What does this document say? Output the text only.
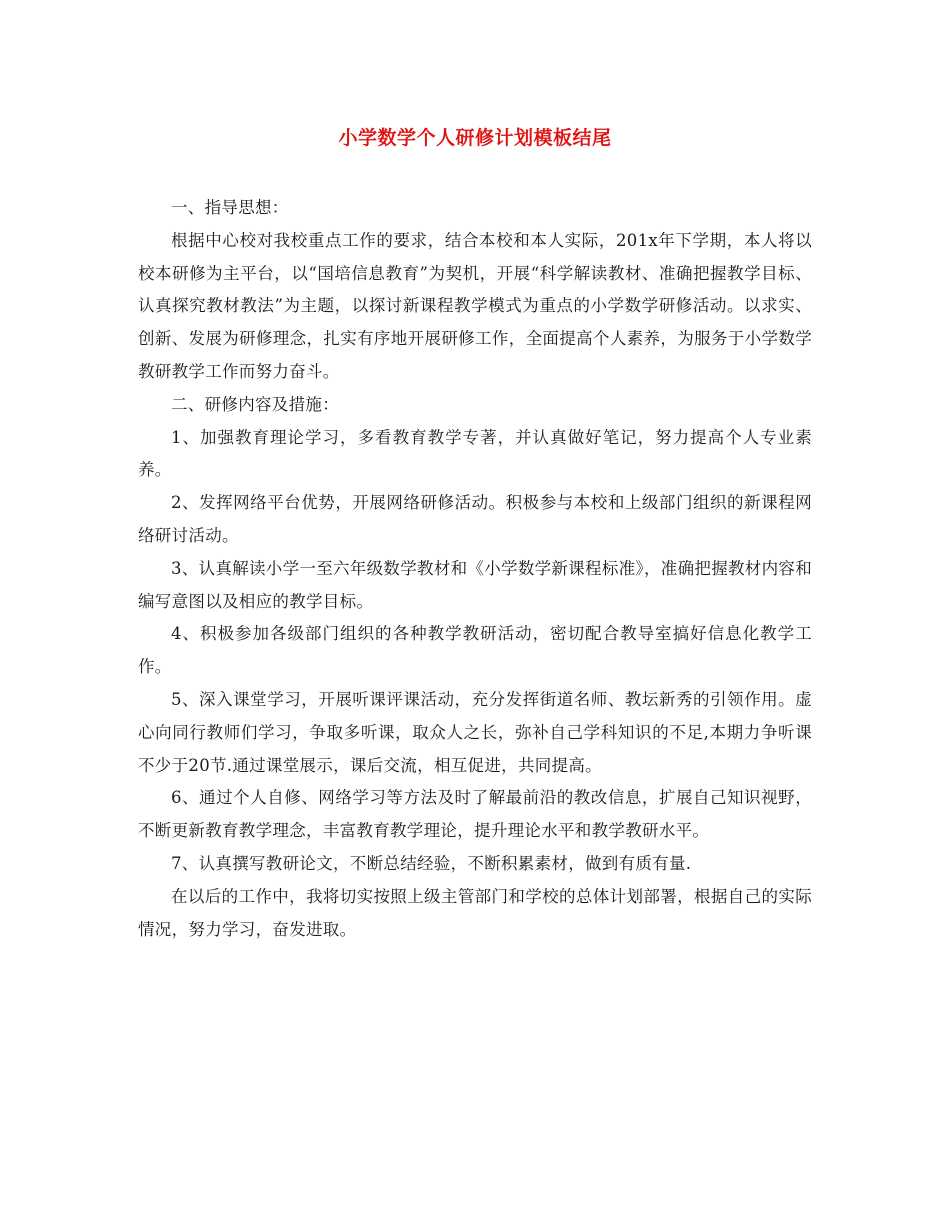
小学数学个人研修计划模板结尾

一、指导思想：

根据中心校对我校重点工作的要求，结合本校和本人实际，201x年下学期，本人将以校本研修为主平台，以“国培信息教育”为契机，开展“科学解读教材、准确把握教学目标、认真探究教材教法”为主题，以探讨新课程教学模式为重点的小学数学研修活动。以求实、创新、发展为研修理念，扎实有序地开展研修工作，全面提高个人素养，为服务于小学数学教研教学工作而努力奋斗。

二、研修内容及措施：

1、加强教育理论学习，多看教育教学专著，并认真做好笔记，努力提高个人专业素养。

2、发挥网络平台优势，开展网络研修活动。积极参与本校和上级部门组织的新课程网络研讨活动。

3、认真解读小学一至六年级数学教材和《小学数学新课程标准》，准确把握教材内容和编写意图以及相应的教学目标。

4、积极参加各级部门组织的各种教学教研活动，密切配合教导室搞好信息化教学工作。

5、深入课堂学习，开展听课评课活动，充分发挥街道名师、教坛新秀的引领作用。虚心向同行教师们学习，争取多听课，取众人之长，弥补自己学科知识的不足,本期力争听课不少于20节.通过课堂展示，课后交流，相互促进，共同提高。

6、通过个人自修、网络学习等方法及时了解最前沿的教改信息，扩展自己知识视野，不断更新教育教学理念，丰富教育教学理论，提升理论水平和教学教研水平。

7、认真撰写教研论文，不断总结经验，不断积累素材，做到有质有量.

在以后的工作中，我将切实按照上级主管部门和学校的总体计划部署，根据自己的实际情况，努力学习，奋发进取。
